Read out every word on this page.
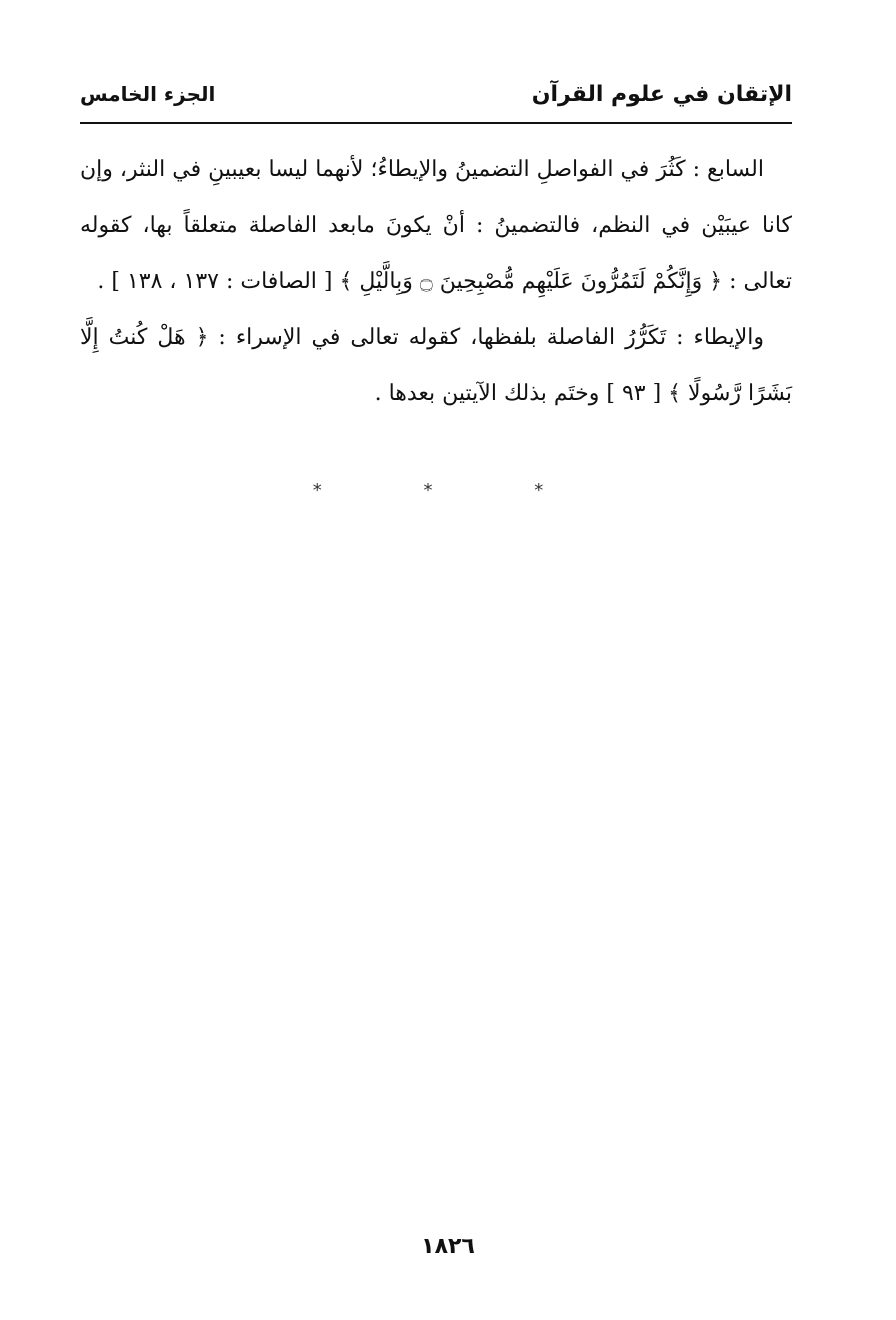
الإتقان في علوم القرآن
الجزء الخامس

السابع : كَثُرَ في الفواصلِ التضمينُ والإيطاءُ؛ لأنهما ليسا بعيبينِ في النثر، وإن كانا عيبَيْن في النظم، فالتضمينُ : أنْ يكونَ مابعد الفاصلة متعلقاً بها، كقوله تعالى : ﴿ وَإِنَّكُمْ لَتَمُرُّونَ عَلَيْهِم مُّصْبِحِينَ ۝ وَبِالَّيْلِ ﴾ [ الصافات : ١٣٧ ، ١٣٨ ] .

والإيطاء : تَكَرُّرُ الفاصلة بلفظها، كقوله تعالى في الإسراء : ﴿ هَلْ كُنتُ إِلَّا بَشَرًا رَّسُولًا ﴾ [ ٩٣ ] وختَم بذلك الآيتين بعدها .

*	*	*
١٨٢٦
